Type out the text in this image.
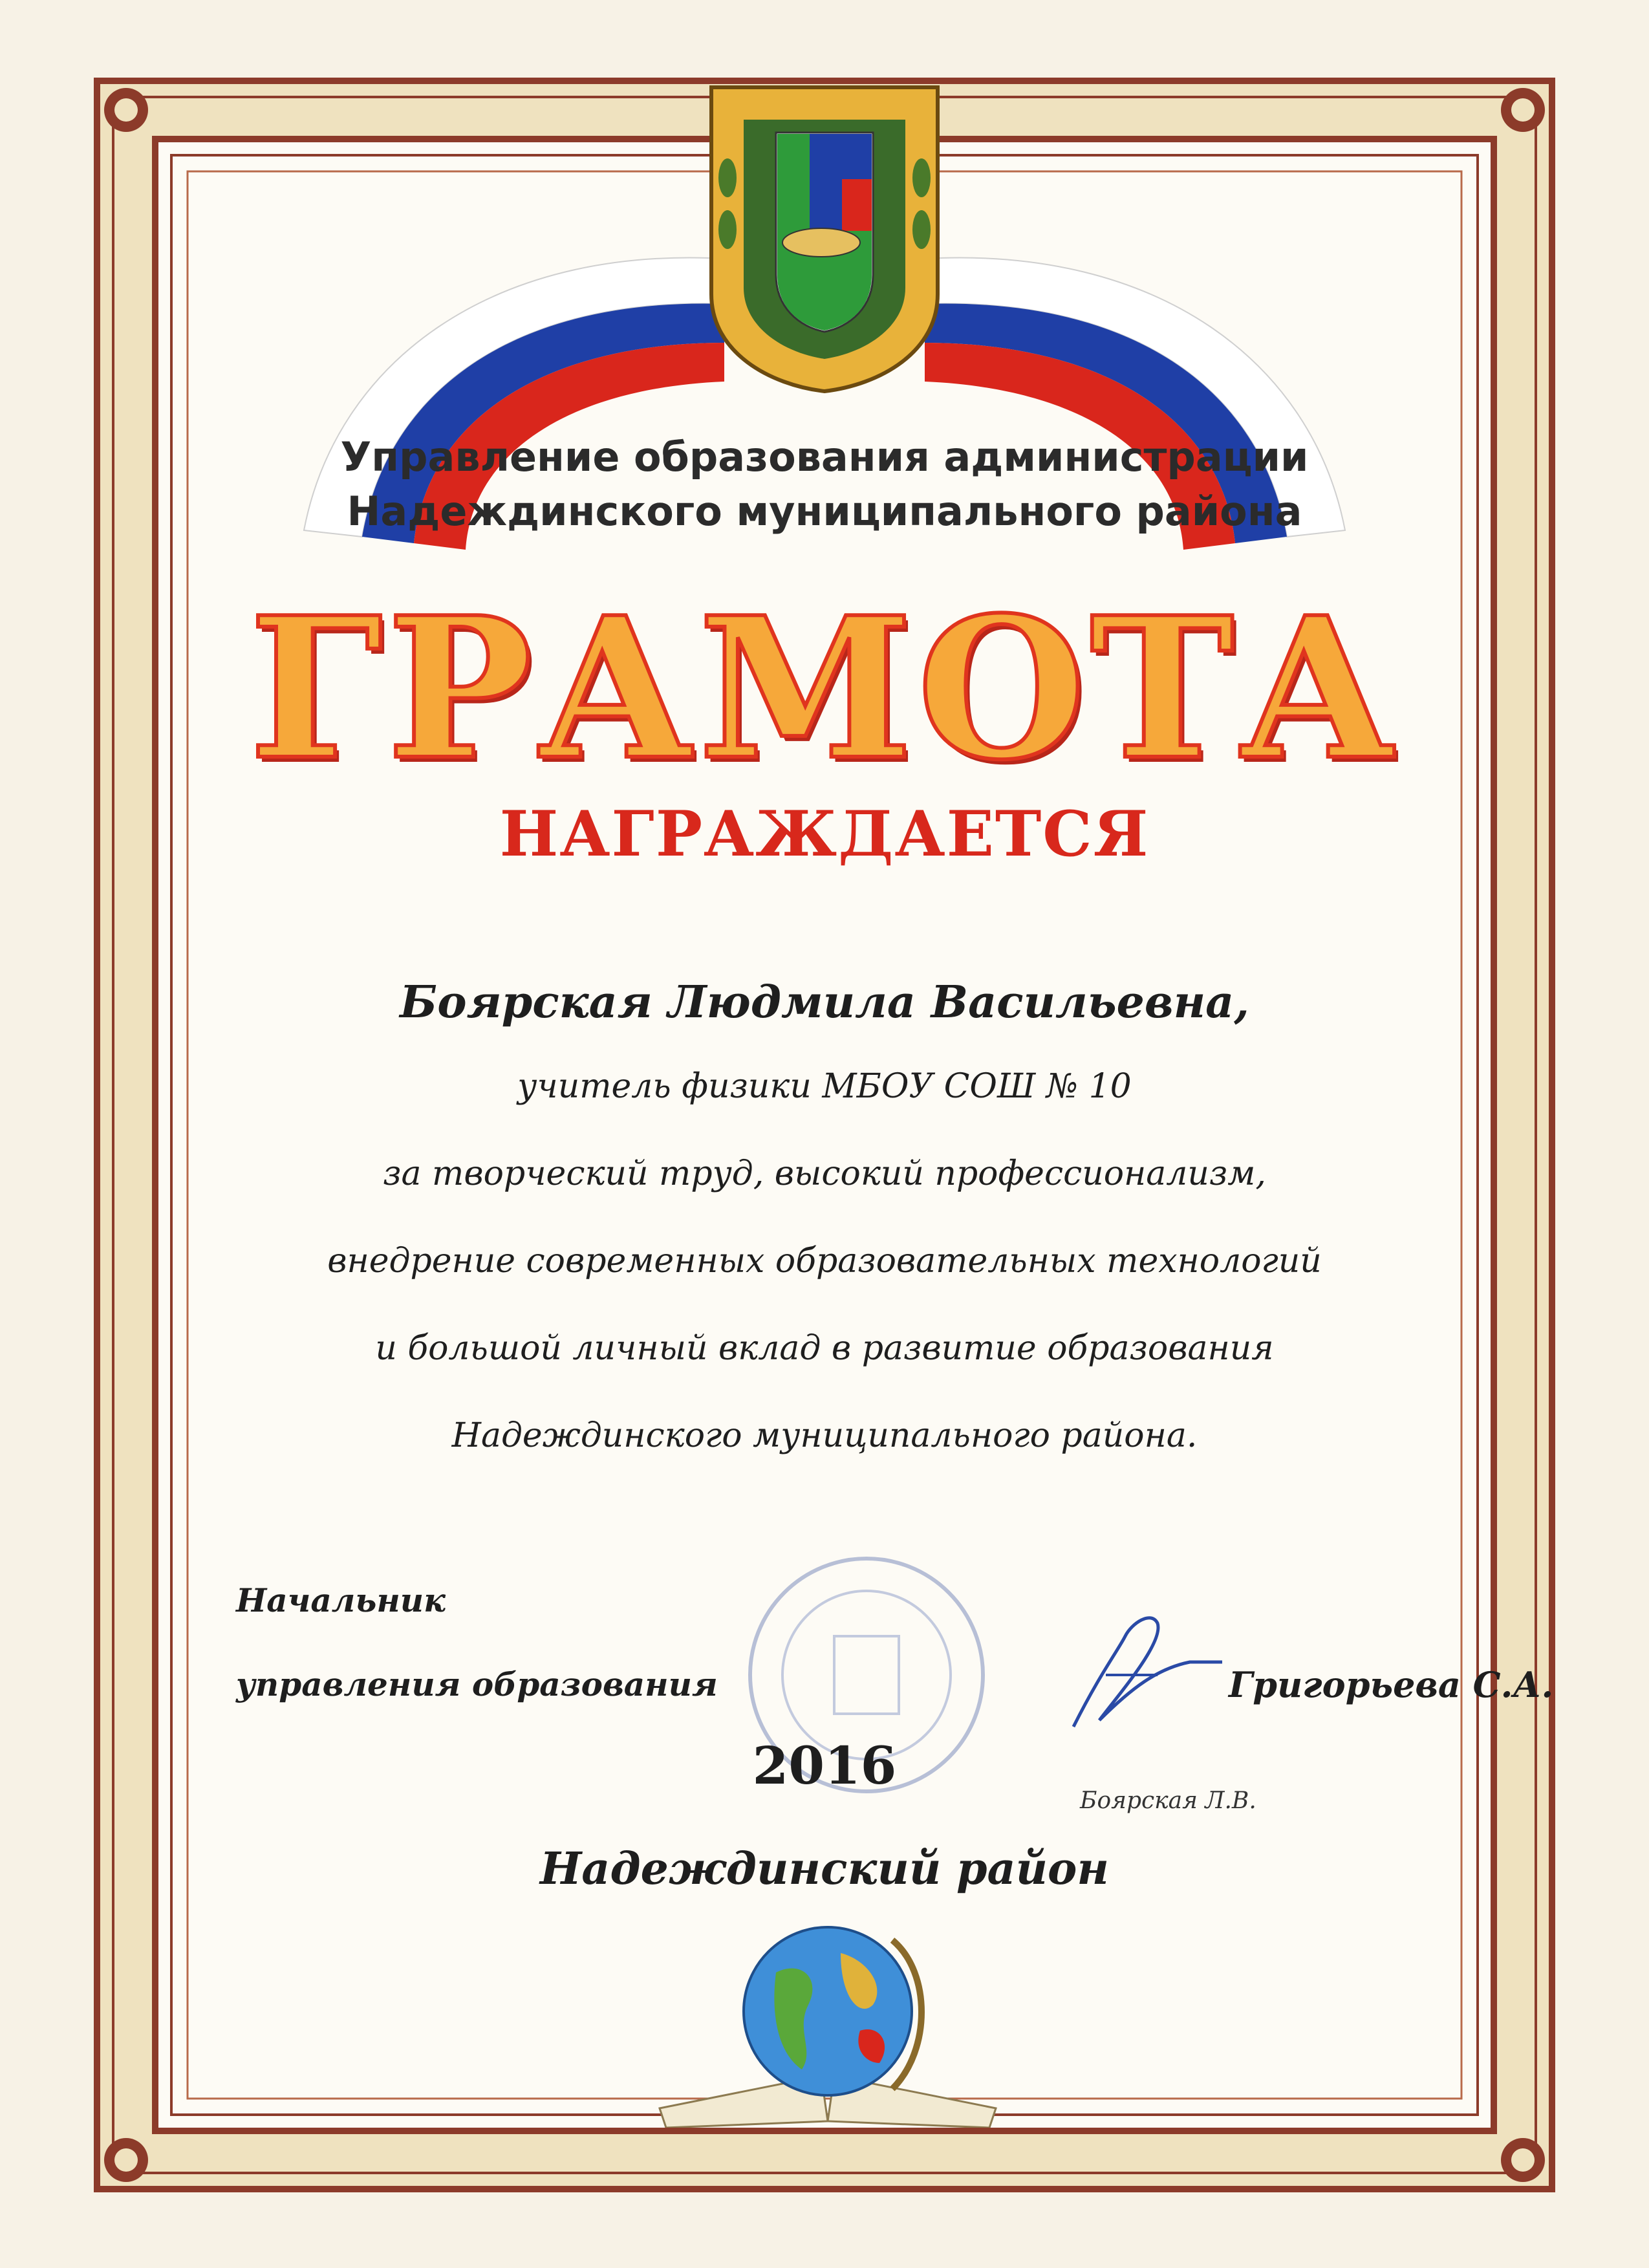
Управление образования администрации
Надеждинского муниципального района
ГРАМОТА
НАГРАЖДАЕТСЯ
Боярская Людмила Васильевна,
учитель физики МБОУ СОШ № 10
за творческий труд, высокий профессионализм,
внедрение современных образовательных технологий
и большой личный вклад в развитие образования
Надеждинского муниципального района.
Начальник
управления образования	Григорьева С.А.
2016
Боярская Л.В.
Надеждинский район
